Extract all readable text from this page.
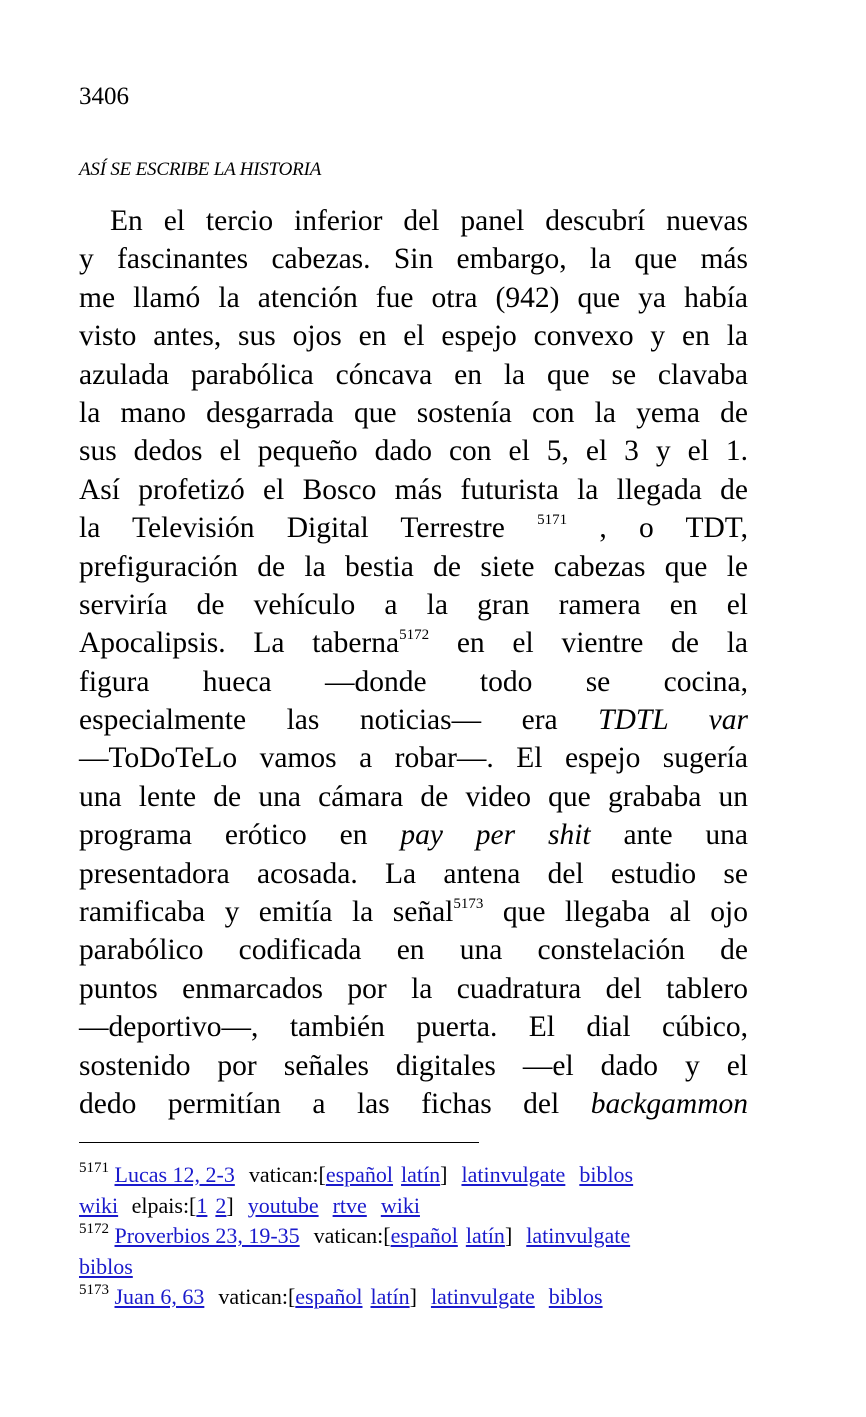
3406
ASÍ SE ESCRIBE LA HISTORIA
En el tercio inferior del panel descubrí nuevas
y fascinantes cabezas. Sin embargo, la que más
me llamó la atención fue otra (942) que ya había
visto antes, sus ojos en el espejo convexo y en la
azulada parabólica cóncava en la que se clavaba
la mano desgarrada que sostenía con la yema de
sus dedos el pequeño dado con el 5, el 3 y el 1.
Así profetizó el Bosco más futurista la llegada de
la Televisión Digital Terrestre $^{5171}$ , o TDT,
prefiguración de la bestia de siete cabezas que le
serviría de vehículo a la gran ramera en el
Apocalipsis. La taberna$^{5172}$ en el vientre de la
figura hueca —donde todo se cocina,
especialmente las noticias— era TDTL var
—ToDoTeLo vamos a robar—. El espejo sugería
una lente de una cámara de video que grababa un
programa erótico en pay per shit ante una
presentadora acosada. La antena del estudio se
ramificaba y emitía la señal$^{5173}$ que llegaba al ojo
parabólico codificada en una constelación de
puntos enmarcados por la cuadratura del tablero
—deportivo—, también puerta. El dial cúbico,
sostenido por señales digitales —el dado y el
dedo permitían a las fichas del backgammon
$^{5171}$ Lucas 12, 2-3 vatican:[español latín] latinvulgate biblos
wiki elpais:[1 2] youtube rtve wiki
$^{5172}$ Proverbios 23, 19-35 vatican:[español latín] latinvulgate
biblos
$^{5173}$ Juan 6, 63 vatican:[español latín] latinvulgate biblos
